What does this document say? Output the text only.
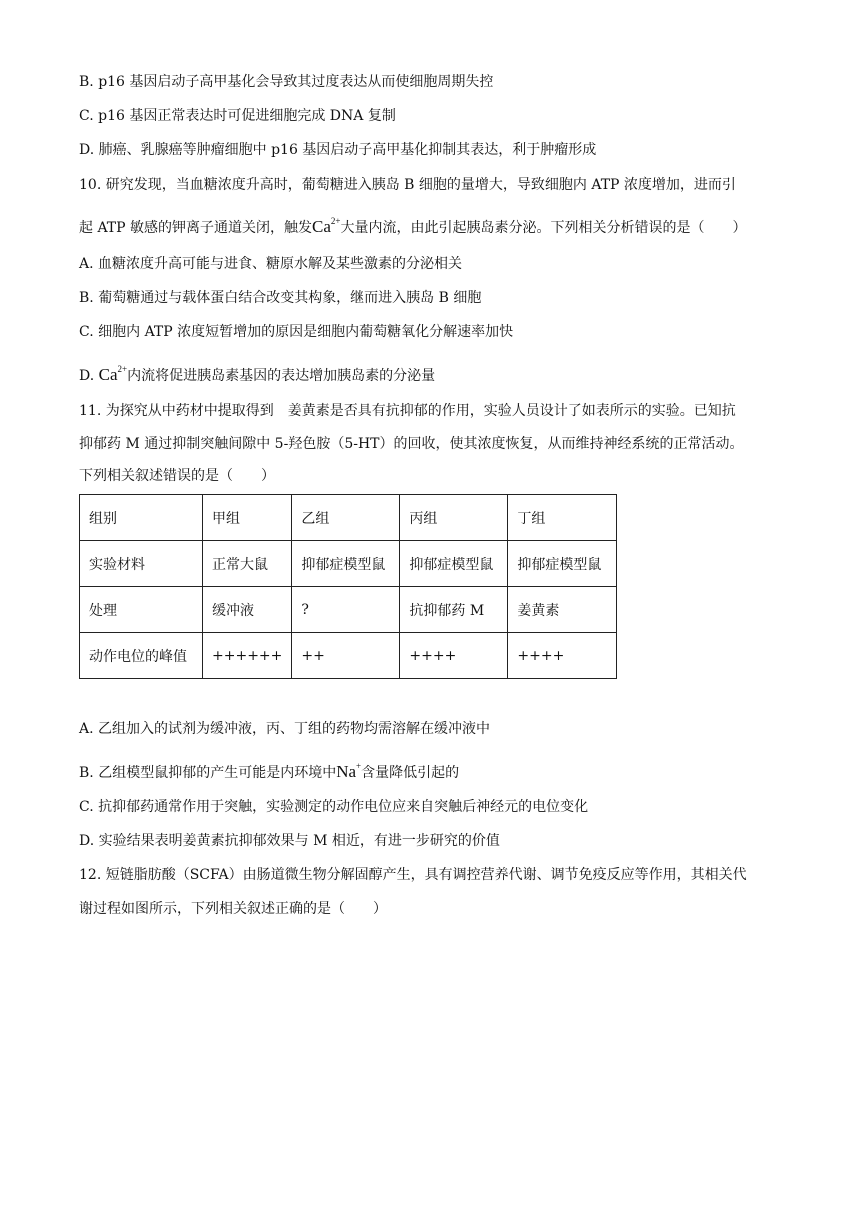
B. p16 基因启动子高甲基化会导致其过度表达从而使细胞周期失控
C. p16 基因正常表达时可促进细胞完成 DNA 复制
D. 肺癌、乳腺癌等肿瘤细胞中 p16 基因启动子高甲基化抑制其表达，利于肿瘤形成
10. 研究发现，当血糖浓度升高时，葡萄糖进入胰岛 B 细胞的量增大，导致细胞内 ATP 浓度增加，进而引
起 ATP 敏感的钾离子通道关闭，触发$Ca^{2+}$大量内流，由此引起胰岛素分泌。下列相关分析错误的是（　　）
A. 血糖浓度升高可能与进食、糖原水解及某些激素的分泌相关
B. 葡萄糖通过与载体蛋白结合改变其构象，继而进入胰岛 B 细胞
C. 细胞内 ATP 浓度短暂增加的原因是细胞内葡萄糖氧化分解速率加快
D. $Ca^{2+}$内流将促进胰岛素基因的表达增加胰岛素的分泌量
11. 为探究从中药材中提取得到　姜黄素是否具有抗抑郁的作用，实验人员设计了如表所示的实验。已知抗
抑郁药 M 通过抑制突触间隙中 5-羟色胺（5-HT）的回收，使其浓度恢复，从而维持神经系统的正常活动。
下列相关叙述错误的是（　　）
组别	甲组	乙组	丙组	丁组
实验材料	正常大鼠	抑郁症模型鼠	抑郁症模型鼠	抑郁症模型鼠
处理	缓冲液	?	抗抑郁药 M	姜黄素
动作电位的峰值	++++++	++	++++	++++
A. 乙组加入的试剂为缓冲液，丙、丁组的药物均需溶解在缓冲液中
B. 乙组模型鼠抑郁的产生可能是内环境中Na+含量降低引起的
C. 抗抑郁药通常作用于突触，实验测定的动作电位应来自突触后神经元的电位变化
D. 实验结果表明姜黄素抗抑郁效果与 M 相近，有进一步研究的价值
12. 短链脂肪酸（SCFA）由肠道微生物分解固醇产生，具有调控营养代谢、调节免疫反应等作用，其相关代
谢过程如图所示，下列相关叙述正确的是（　　）
